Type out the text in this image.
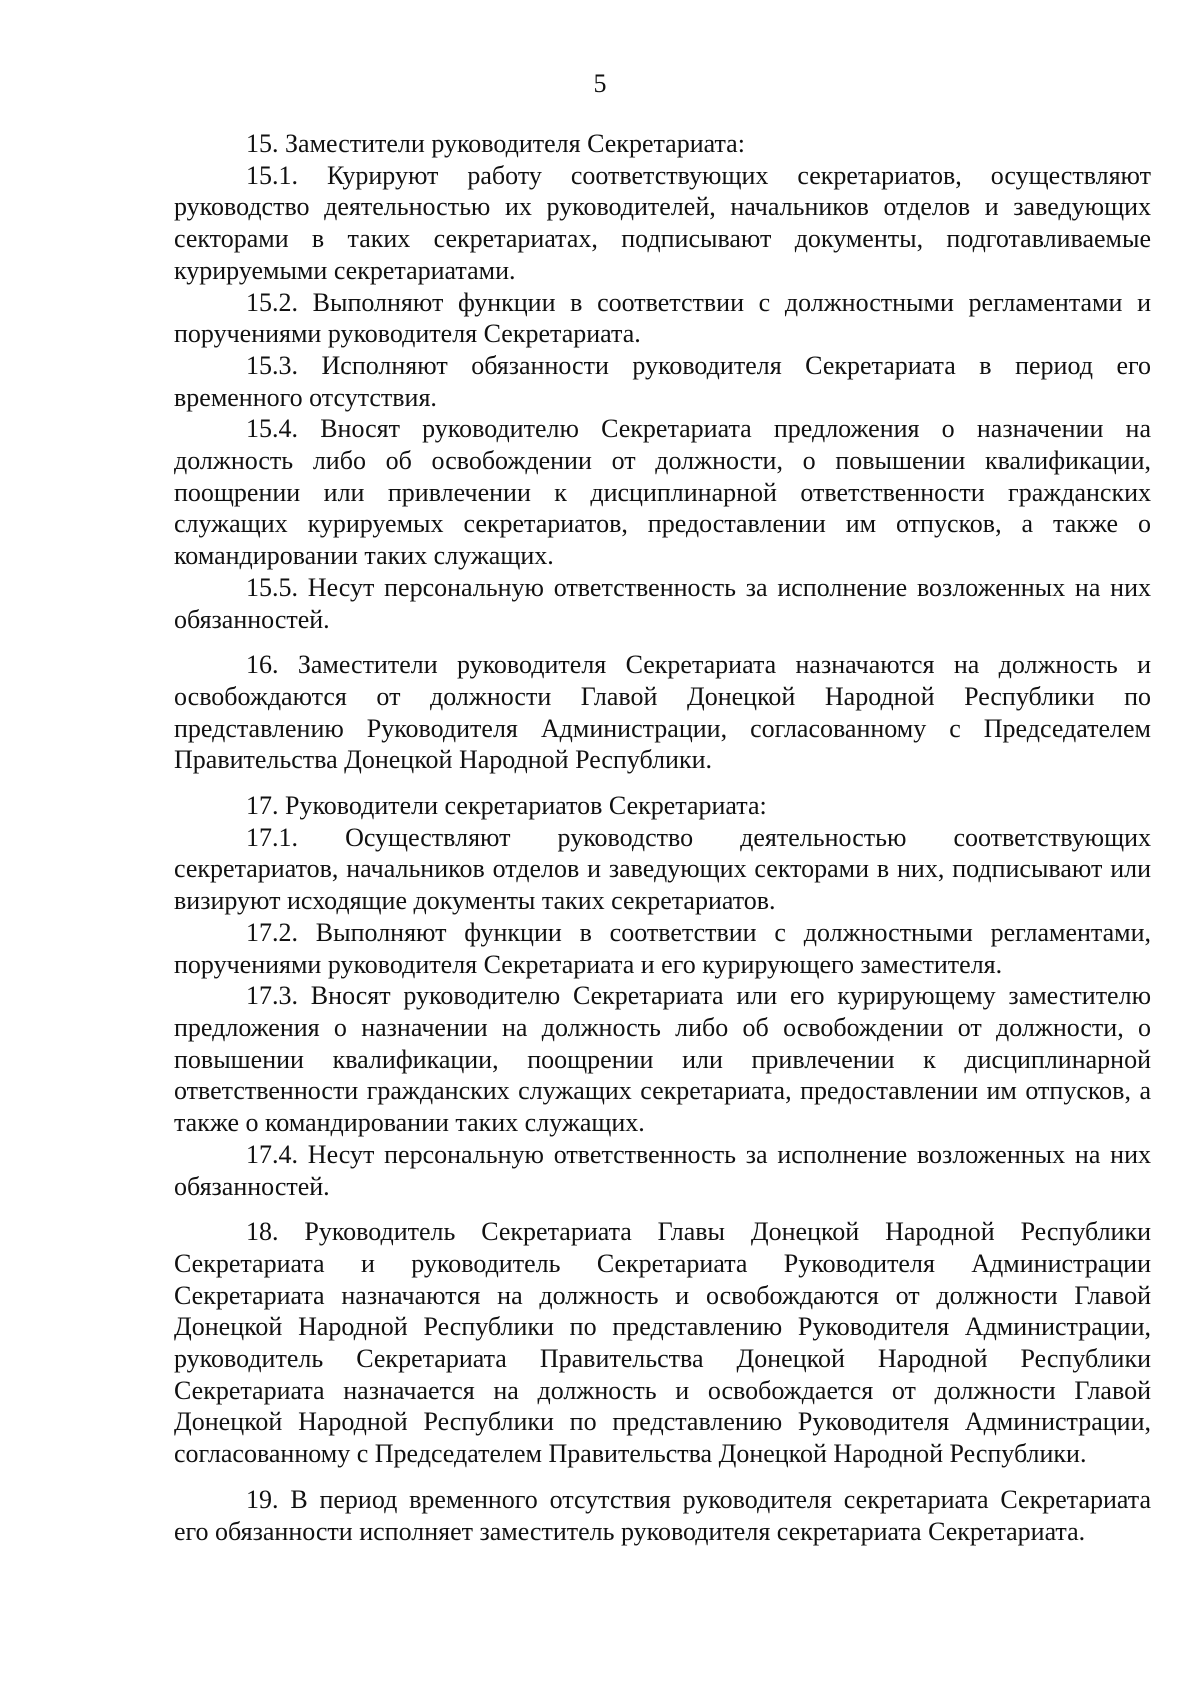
5

15. Заместители руководителя Секретариата:

15.1. Курируют работу соответствующих секретариатов, осуществляют руководство деятельностью их руководителей, начальников отделов и заведующих секторами в таких секретариатах, подписывают документы, подготавливаемые курируемыми секретариатами.

15.2. Выполняют функции в соответствии с должностными регламентами и поручениями руководителя Секретариата.

15.3. Исполняют обязанности руководителя Секретариата в период его временного отсутствия.

15.4. Вносят руководителю Секретариата предложения о назначении на должность либо об освобождении от должности, о повышении квалификации, поощрении или привлечении к дисциплинарной ответственности гражданских служащих курируемых секретариатов, предоставлении им отпусков, а также о командировании таких служащих.

15.5. Несут персональную ответственность за исполнение возложенных на них обязанностей.

16. Заместители руководителя Секретариата назначаются на должность и освобождаются от должности Главой Донецкой Народной Республики по представлению Руководителя Администрации, согласованному с Председателем Правительства Донецкой Народной Республики.

17. Руководители секретариатов Секретариата:

17.1. Осуществляют руководство деятельностью соответствующих секретариатов, начальников отделов и заведующих секторами в них, подписывают или визируют исходящие документы таких секретариатов.

17.2. Выполняют функции в соответствии с должностными регламентами, поручениями руководителя Секретариата и его курирующего заместителя.

17.3. Вносят руководителю Секретариата или его курирующему заместителю предложения о назначении на должность либо об освобождении от должности, о повышении квалификации, поощрении или привлечении к дисциплинарной ответственности гражданских служащих секретариата, предоставлении им отпусков, а также о командировании таких служащих.

17.4. Несут персональную ответственность за исполнение возложенных на них обязанностей.

18. Руководитель Секретариата Главы Донецкой Народной Республики Секретариата и руководитель Секретариата Руководителя Администрации Секретариата назначаются на должность и освобождаются от должности Главой Донецкой Народной Республики по представлению Руководителя Администрации, руководитель Секретариата Правительства Донецкой Народной Республики Секретариата назначается на должность и освобождается от должности Главой Донецкой Народной Республики по представлению Руководителя Администрации, согласованному с Председателем Правительства Донецкой Народной Республики.

19. В период временного отсутствия руководителя секретариата Секретариата его обязанности исполняет заместитель руководителя секретариата Секретариата.
